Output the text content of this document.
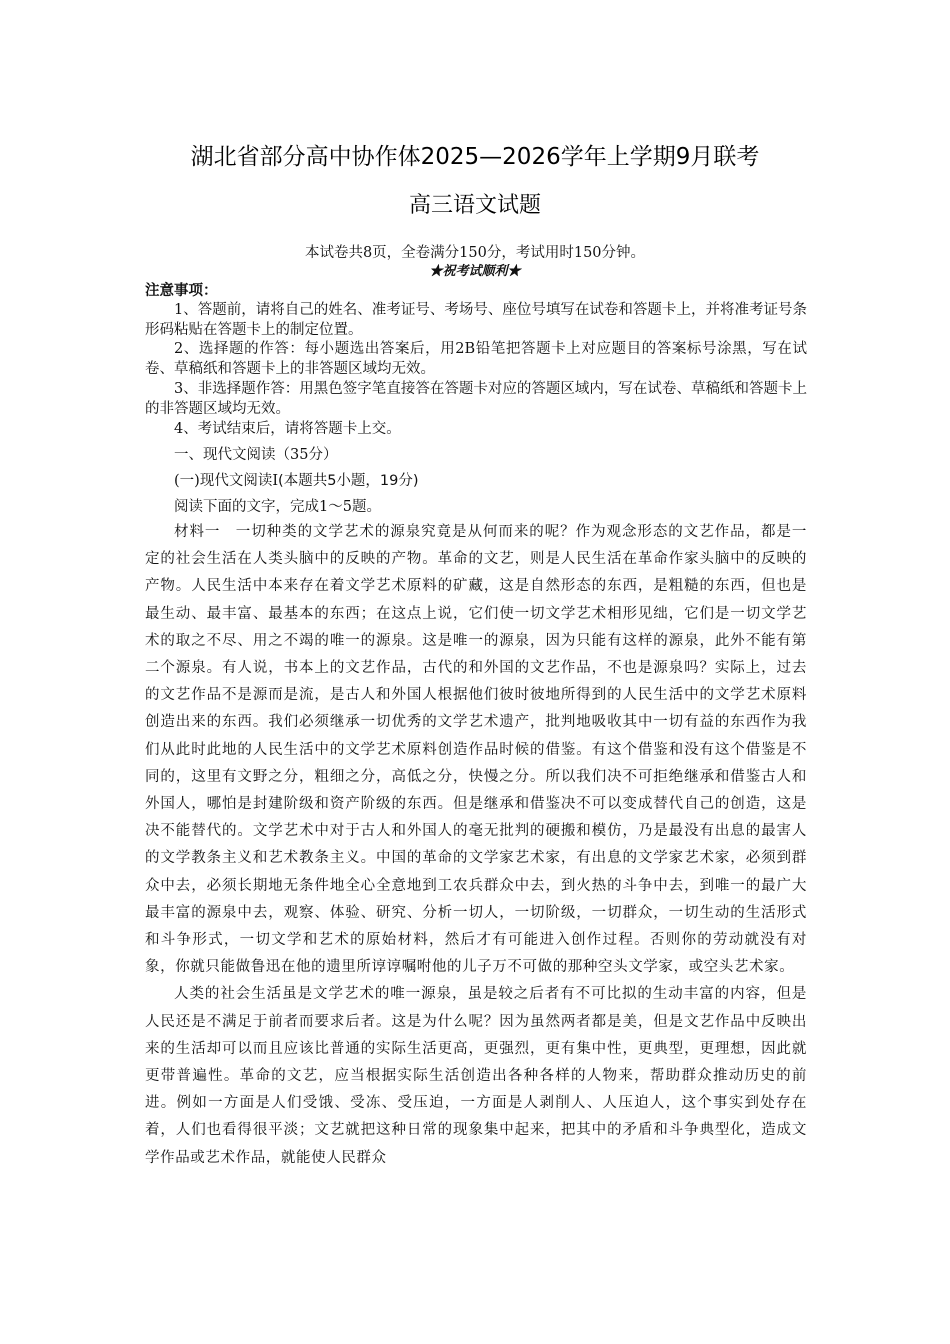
湖北省部分高中协作体2025—2026学年上学期9月联考
高三语文试题
本试卷共8页，全卷满分150分，考试用时150分钟。
★祝考试顺利★
注意事项：

1、答题前，请将自己的姓名、准考证号、考场号、座位号填写在试卷和答题卡上，并将准考证号条形码粘贴在答题卡上的制定位置。

2、选择题的作答：每小题选出答案后，用2B铅笔把答题卡上对应题目的答案标号涂黑，写在试卷、草稿纸和答题卡上的非答题区域均无效。

3、非选择题作答：用黑色签字笔直接答在答题卡对应的答题区域内，写在试卷、草稿纸和答题卡上的非答题区域均无效。

4、考试结束后，请将答题卡上交。

一、现代文阅读（35分）
(一)现代文阅读Ⅰ(本题共5小题，19分)
阅读下面的文字，完成1～5题。

材料一　一切种类的文学艺术的源泉究竟是从何而来的呢？作为观念形态的文艺作品，都是一定的社会生活在人类头脑中的反映的产物。革命的文艺，则是人民生活在革命作家头脑中的反映的产物。人民生活中本来存在着文学艺术原料的矿藏，这是自然形态的东西，是粗糙的东西，但也是最生动、最丰富、最基本的东西；在这点上说，它们使一切文学艺术相形见绌，它们是一切文学艺术的取之不尽、用之不竭的唯一的源泉。这是唯一的源泉，因为只能有这样的源泉，此外不能有第二个源泉。有人说，书本上的文艺作品，古代的和外国的文艺作品，不也是源泉吗？实际上，过去的文艺作品不是源而是流，是古人和外国人根据他们彼时彼地所得到的人民生活中的文学艺术原料创造出来的东西。我们必须继承一切优秀的文学艺术遗产，批判地吸收其中一切有益的东西作为我们从此时此地的人民生活中的文学艺术原料创造作品时候的借鉴。有这个借鉴和没有这个借鉴是不同的，这里有文野之分，粗细之分，高低之分，快慢之分。所以我们决不可拒绝继承和借鉴古人和外国人，哪怕是封建阶级和资产阶级的东西。但是继承和借鉴决不可以变成替代自己的创造，这是决不能替代的。文学艺术中对于古人和外国人的毫无批判的硬搬和模仿，乃是最没有出息的最害人的文学教条主义和艺术教条主义。中国的革命的文学家艺术家，有出息的文学家艺术家，必须到群众中去，必须长期地无条件地全心全意地到工农兵群众中去，到火热的斗争中去，到唯一的最广大最丰富的源泉中去，观察、体验、研究、分析一切人，一切阶级，一切群众，一切生动的生活形式和斗争形式，一切文学和艺术的原始材料，然后才有可能进入创作过程。否则你的劳动就没有对象，你就只能做鲁迅在他的遗里所谆谆嘱咐他的儿子万不可做的那种空头文学家，或空头艺术家。

人类的社会生活虽是文学艺术的唯一源泉，虽是较之后者有不可比拟的生动丰富的内容，但是人民还是不满足于前者而要求后者。这是为什么呢？因为虽然两者都是美，但是文艺作品中反映出来的生活却可以而且应该比普通的实际生活更高，更强烈，更有集中性，更典型，更理想，因此就更带普遍性。革命的文艺，应当根据实际生活创造出各种各样的人物来，帮助群众推动历史的前进。例如一方面是人们受饿、受冻、受压迫，一方面是人剥削人、人压迫人，这个事实到处存在着，人们也看得很平淡；文艺就把这种日常的现象集中起来，把其中的矛盾和斗争典型化，造成文学作品或艺术作品，就能使人民群众
